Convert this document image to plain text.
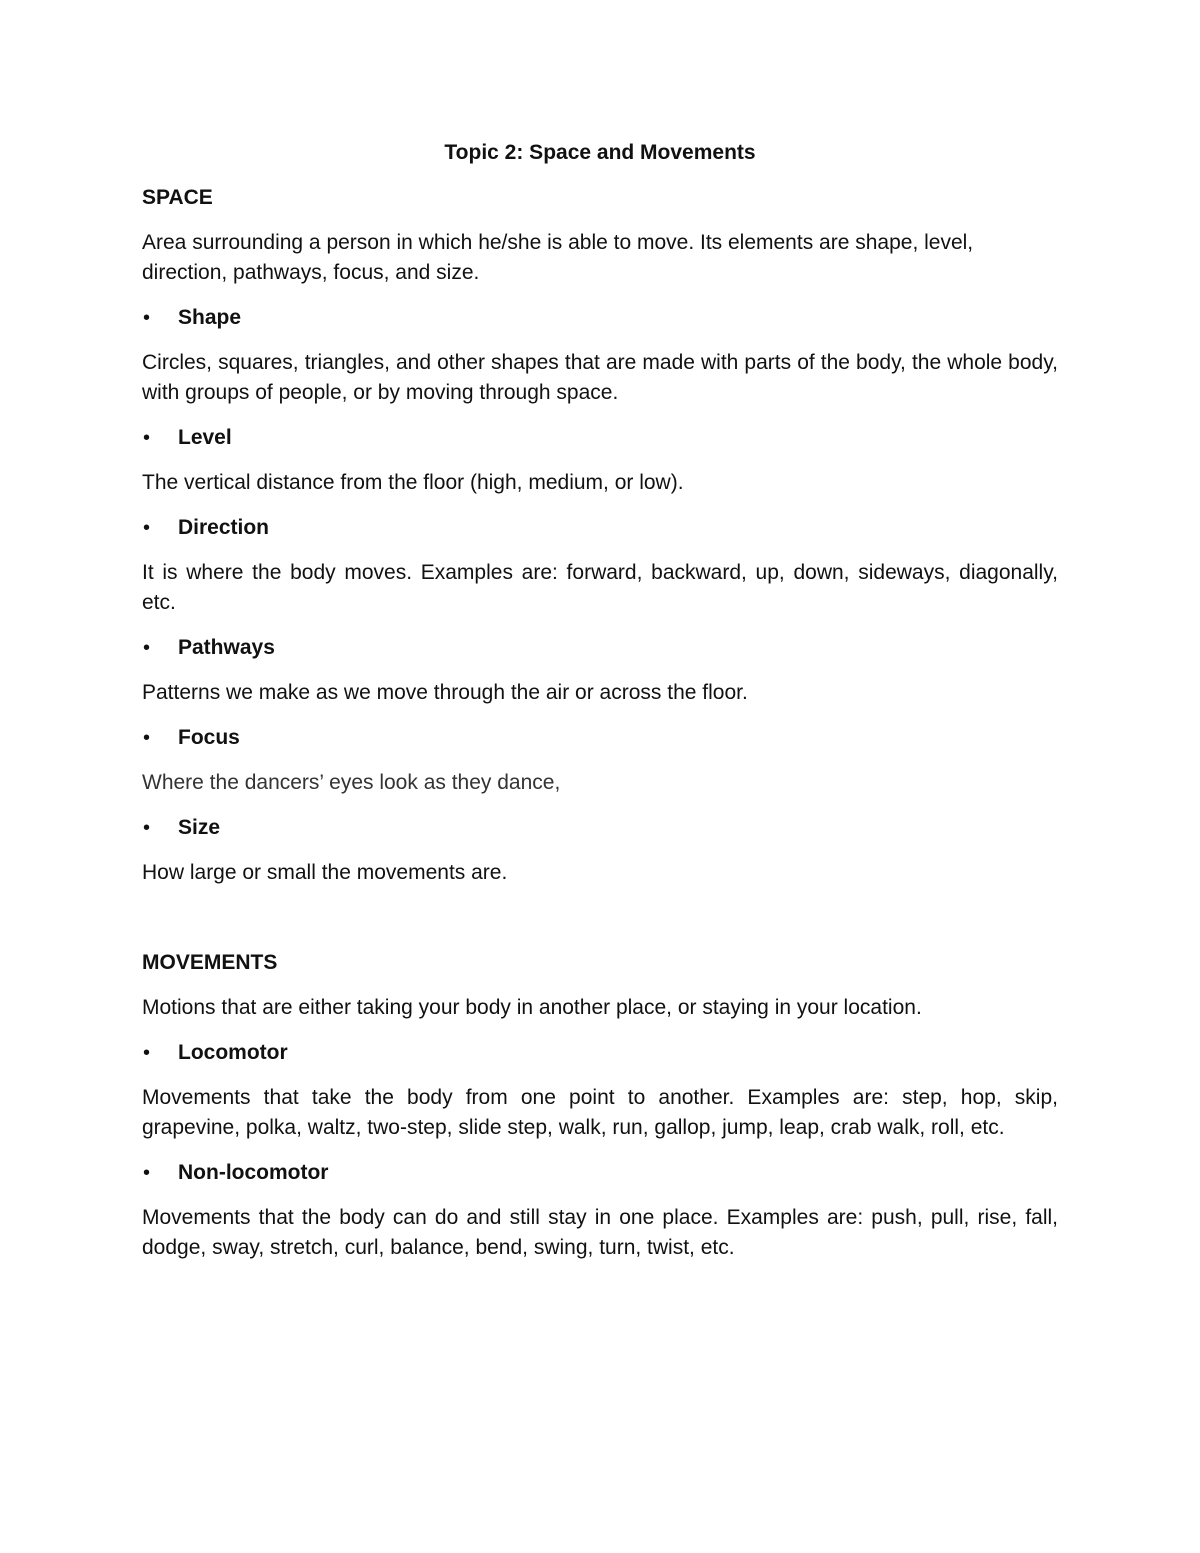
Topic 2: Space and Movements
SPACE
Area surrounding a person in which he/she is able to move. Its elements are shape, level, direction, pathways, focus, and size.
•	Shape
Circles, squares, triangles, and other shapes that are made with parts of the body, the whole body, with groups of people, or by moving through space.
•	Level
The vertical distance from the floor (high, medium, or low).
•	Direction
It is where the body moves. Examples are: forward, backward, up, down, sideways, diagonally, etc.
•	Pathways
Patterns we make as we move through the air or across the floor.
•	Focus
Where the dancers’ eyes look as they dance,
•	Size
How large or small the movements are.
MOVEMENTS
Motions that are either taking your body in another place, or staying in your location.
•	Locomotor
Movements that take the body from one point to another. Examples are: step, hop, skip, grapevine, polka, waltz, two-step, slide step, walk, run, gallop, jump, leap, crab walk, roll, etc.
•	Non-locomotor
Movements that the body can do and still stay in one place. Examples are: push, pull, rise, fall, dodge, sway, stretch, curl, balance, bend, swing, turn, twist, etc.
